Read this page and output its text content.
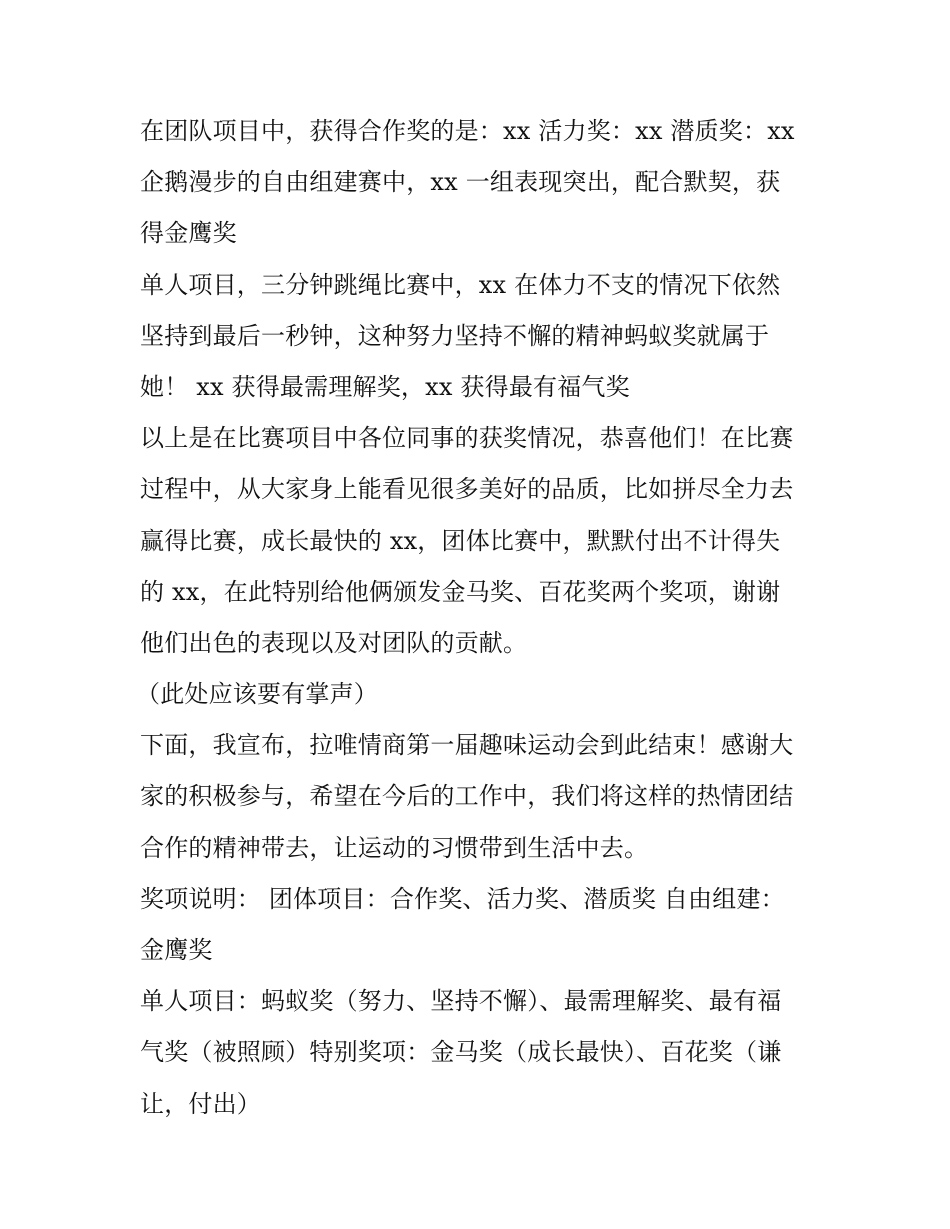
在团队项目中，获得合作奖的是：xx 活力奖：xx 潜质奖：xx
企鹅漫步的自由组建赛中，xx 一组表现突出，配合默契，获
得金鹰奖
单人项目，三分钟跳绳比赛中，xx 在体力不支的情况下依然
坚持到最后一秒钟，这种努力坚持不懈的精神蚂蚁奖就属于
她！ xx 获得最需理解奖，xx 获得最有福气奖
以上是在比赛项目中各位同事的获奖情况，恭喜他们！在比赛
过程中，从大家身上能看见很多美好的品质，比如拼尽全力去
赢得比赛，成长最快的 xx，团体比赛中，默默付出不计得失
的 xx，在此特别给他俩颁发金马奖、百花奖两个奖项，谢谢
他们出色的表现以及对团队的贡献。
（此处应该要有掌声）
下面，我宣布，拉唯情商第一届趣味运动会到此结束！感谢大
家的积极参与，希望在今后的工作中，我们将这样的热情团结
合作的精神带去，让运动的习惯带到生活中去。
奖项说明： 团体项目：合作奖、活力奖、潜质奖 自由组建：
金鹰奖
单人项目：蚂蚁奖（努力、坚持不懈）、最需理解奖、最有福
气奖（被照顾）特别奖项：金马奖（成长最快）、百花奖（谦
让，付出）
